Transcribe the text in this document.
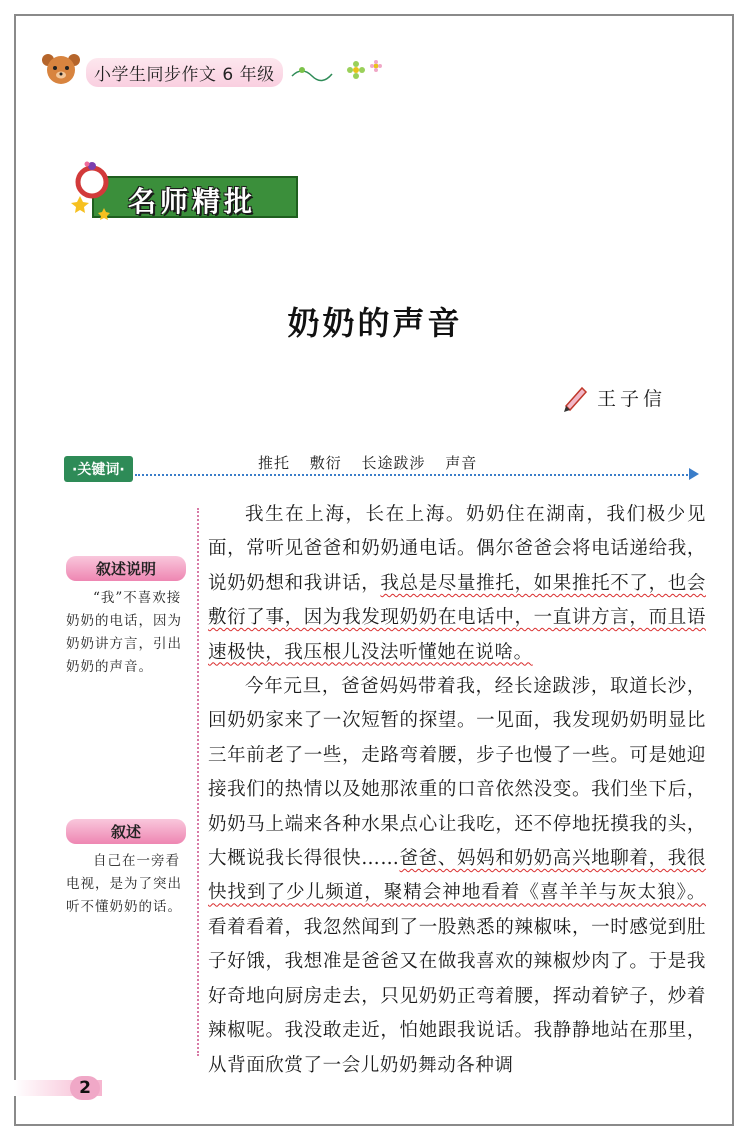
小学生同步作文 6 年级
名师精批
奶奶的声音
王子信
·关键词·	推托 敷衍 长途跋涉 声音
叙述说明
“我”不喜欢接奶奶的电话，因为奶奶讲方言，引出奶奶的声音。
叙述
自己在一旁看电视，是为了突出听不懂奶奶的话。

我生在上海，长在上海。奶奶住在湖南，我们极少见面，常听见爸爸和奶奶通电话。偶尔爸爸会将电话递给我，说奶奶想和我讲话，我总是尽量推托，如果推托不了，也会敷衍了事，因为我发现奶奶在电话中，一直讲方言，而且语速极快，我压根儿没法听懂她在说啥。

今年元旦，爸爸妈妈带着我，经长途跋涉，取道长沙，回奶奶家来了一次短暂的探望。一见面，我发现奶奶明显比三年前老了一些，走路弯着腰，步子也慢了一些。可是她迎接我们的热情以及她那浓重的口音依然没变。我们坐下后，奶奶马上端来各种水果点心让我吃，还不停地抚摸我的头，大概说我长得很快……爸爸、妈妈和奶奶高兴地聊着，我很快找到了少儿频道，聚精会神地看着《喜羊羊与灰太狼》。看着看着，我忽然闻到了一股熟悉的辣椒味，一时感觉到肚子好饿，我想准是爸爸又在做我喜欢的辣椒炒肉了。于是我好奇地向厨房走去，只见奶奶正弯着腰，挥动着铲子，炒着辣椒呢。我没敢走近，怕她跟我说话。我静静地站在那里，从背面欣赏了一会儿奶奶舞动各种调

2
